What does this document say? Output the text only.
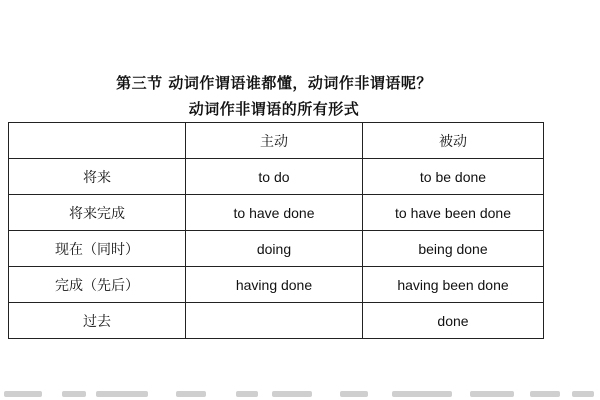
第三节 动词作谓语谁都懂，动词作非谓语呢？
动词作非谓语的所有形式
	主动	被动
将来	to do	to be done
将来完成	to have done	to have been done
现在（同时）	doing	being done
完成（先后）	having done	having been done
过去		done
